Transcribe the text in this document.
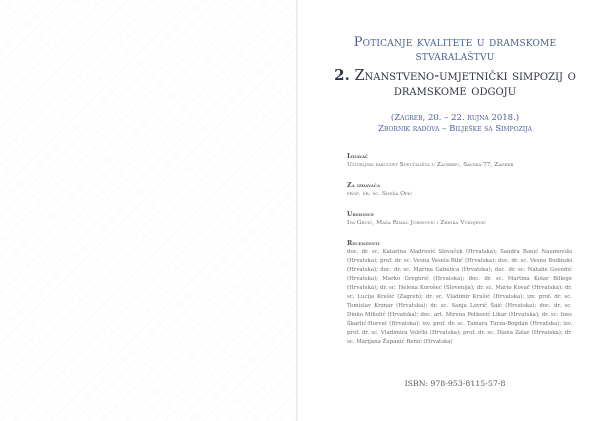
Poticanje kvalitete u dramskome stvaralaštvu
2. Znanstveno-umjetnički simpozij o dramskome odgoju
(Zagreb, 20. – 22. rujna 2018.)
Zbornik radova – Bilješke sa Simpozija
Izdavač
Učiteljski fakultet Sveučilišta u Zagrebu, Savska 77, Zagreb
Za izdavača
prof. dr. sc. Siniša Opić
Urednice
Iva Gruić, Maša Rimac Jurinović i Zrinka Vukojević
Recenzenti
doc. dr. sc. Katarina Aladrović Slovaček (Hrvatska); Sandra Banić Naumovski (Hrvatska); prof. dr. sc. Vesna Vesela Bilić (Hrvatska); doc. dr. sc. Vesna Budinski (Hrvatska); doc. dr. sc. Marina Gabelica (Hrvatska); doc. dr. sc. Natalie Govedić (Hrvatska); Marko Gregurić (Hrvatska); doc. dr. sc. Martina Kolar Billege (Hrvatska); dr. sc. Helena Korošec (Slovenija); dr. sc. Mario Kovač (Hrvatska); dr. sc. Lucija Krešić (Zagreb); dr. sc. Vladimir Krušić (Hrvatska); izv. prof. dr. sc. Tomislav Krznar (Hrvatska); dr. sc. Sanja Lovrić Šaić (Hrvatska); doc. dr. sc. Dinko Miholić (Hrvatska); doc. art. Mirena Petković Likar (Hrvatska); dr. sc. Ines Škarlić-Horvat (Hrvatska); izv. prof. dr. sc. Tamara Turza-Bogdan (Hrvatska); izv. prof. dr. sc. Vladimira Velički (Hrvatska); prof. dr. sc. Diana Zalar (Hrvatska); dr. sc. Marijana Županić Benić (Hrvatska)
ISBN: 978-953-8115-57-8
